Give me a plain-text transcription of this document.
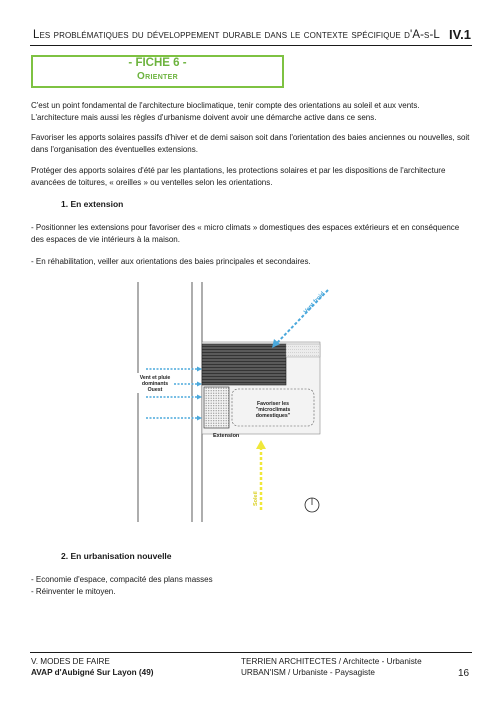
Les problématiques du développement durable dans le contexte spécifique d'A-s-L IV.1
- FICHE 6 -
Orienter
C'est un point fondamental de l'architecture bioclimatique, tenir compte des orientations au soleil et aux vents.
L'architecture mais aussi les règles d'urbanisme doivent avoir une démarche active dans ce sens.
Favoriser les apports solaires passifs d'hiver et de demi saison soit dans l'orientation des baies anciennes ou nouvelles, soit dans l'organisation des éventuelles extensions.
Protéger des apports solaires d'été par les plantations, les protections solaires et par les dispositions de l'architecture avancées de toitures, « oreilles » ou ventelles selon les orientations.
1. En extension
- Positionner les extensions pour favoriser des « micro climats » domestiques des espaces extérieurs et en conséquence des espaces de vie intérieurs à la maison.
- En réhabilitation, veiller aux orientations des baies principales et secondaires.
Extension
Favoriser les
"microclimats
domestiques"
Vent et pluie
dominants
Ouest
Vent froid
Soleil
2. En urbanisation nouvelle
- Economie d'espace, compacité des plans masses
- Réinventer le mitoyen.
V. MODES DE FAIRE
AVAP d'Aubigné Sur Layon (49)
TERRIEN ARCHITECTES / Architecte - Urbaniste
URBAN'ISM / Urbaniste - Paysagiste	16
